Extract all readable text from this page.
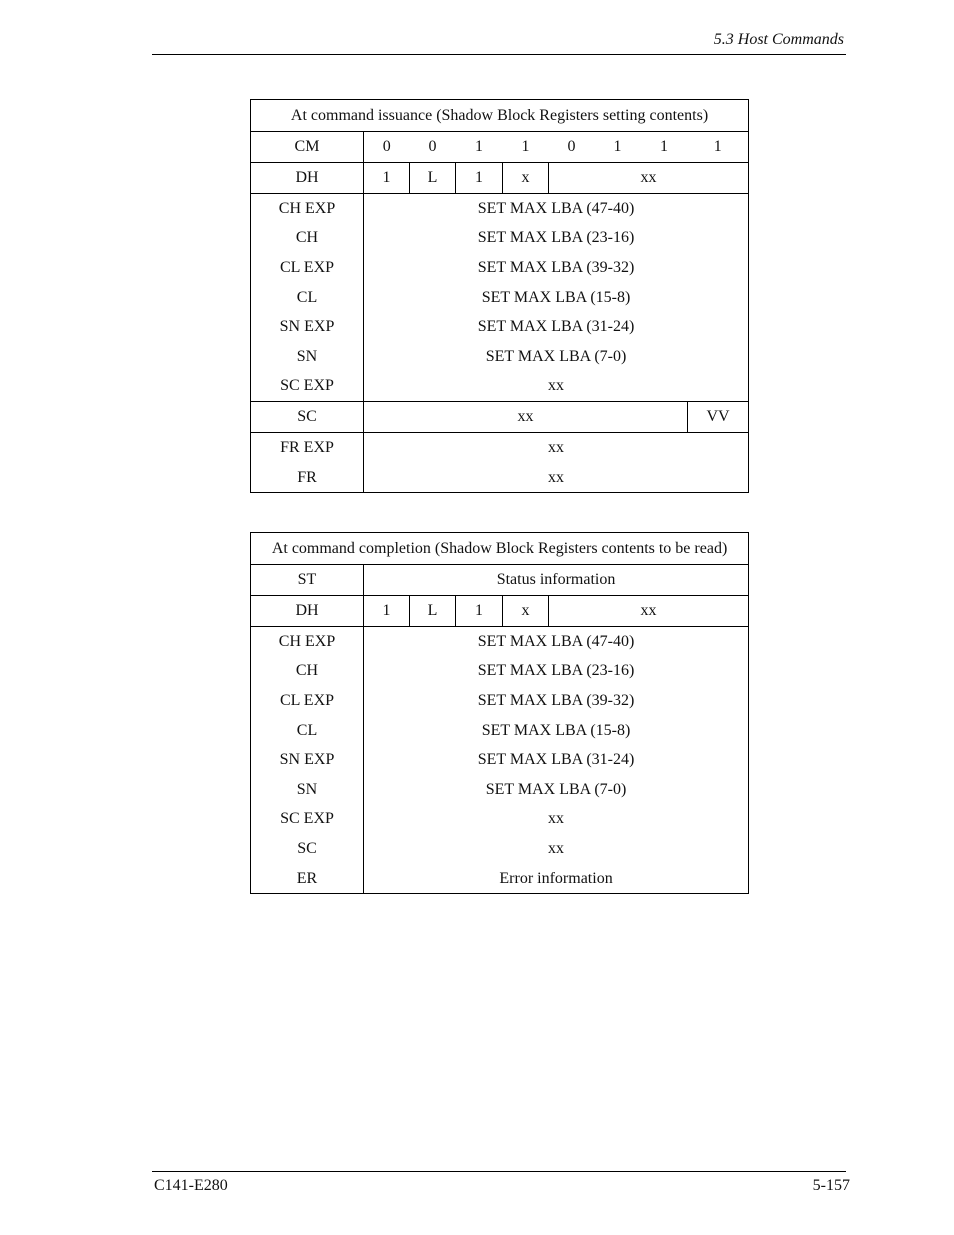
5.3 Host Commands
At command issuance (Shadow Block Registers setting contents)								
CM	0	0	1	1	0	1	1	1
DH	1	L	1	x	xx			
CH EXP	SET MAX LBA (47-40)							
CH	SET MAX LBA (23-16)							
CL EXP	SET MAX LBA (39-32)							
CL	SET MAX LBA (15-8)							
SN EXP	SET MAX LBA (31-24)							
SN	SET MAX LBA (7-0)							
SC EXP	xx							
SC	xx							VV
FR EXP	xx							
FR	xx							
At command completion (Shadow Block Registers contents to be read)					
ST	Status information				
DH	1	L	1	x	xx
CH EXP	SET MAX LBA (47-40)				
CH	SET MAX LBA (23-16)				
CL EXP	SET MAX LBA (39-32)				
CL	SET MAX LBA (15-8)				
SN EXP	SET MAX LBA (31-24)				
SN	SET MAX LBA (7-0)				
SC EXP	xx				
SC	xx				
ER	Error information				
C141-E280	5-157
